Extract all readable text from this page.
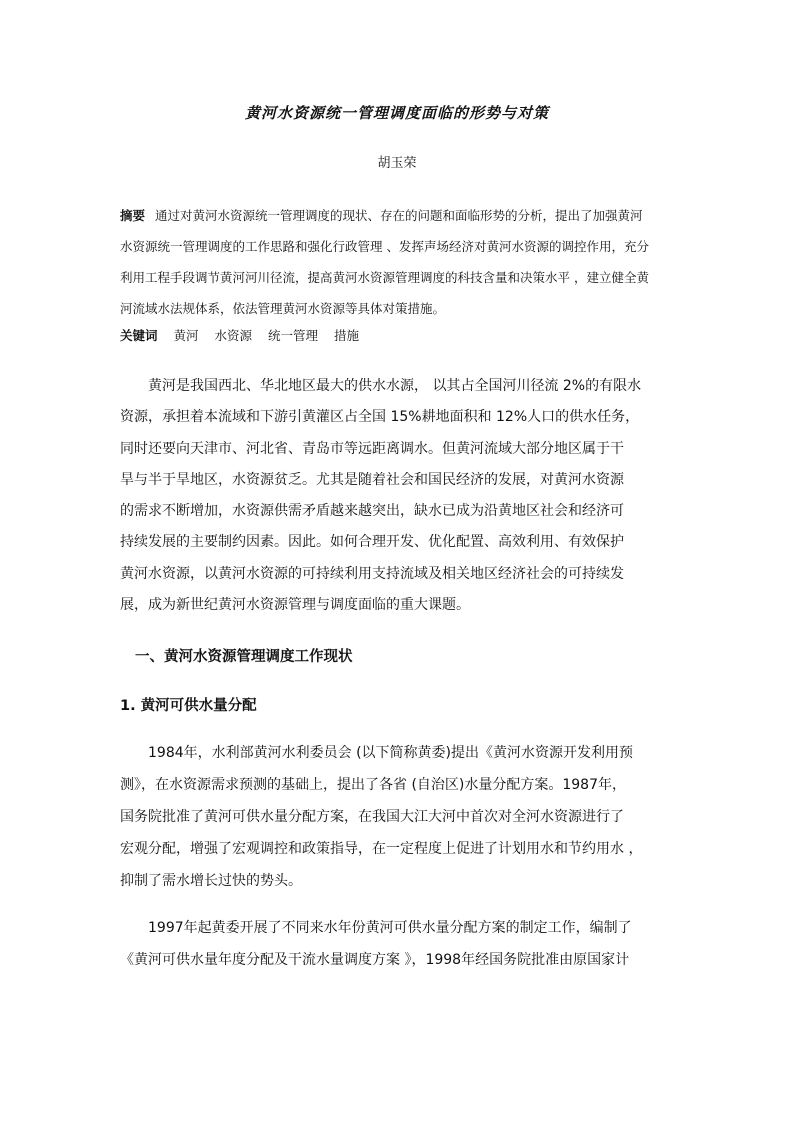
黄河水资源统一管理调度面临的形势与对策
胡玉荣
摘要 通过对黄河水资源统一管理调度的现状、存在的问题和面临形势的分析，提出了加强黄河
水资源统一管理调度的工作思路和强化行政管理 、发挥声场经济对黄河水资源的调控作用，充分
利用工程手段调节黄河河川径流，提高黄河水资源管理调度的科技含量和决策水平 ，建立健全黄
河流域水法规体系，依法管理黄河水资源等具体对策措施。
关键词 黄河 水资源 统一管理 措施
　　黄河是我国西北、华北地区最大的供水水源， 以其占全国河川径流 2%的有限水
资源，承担着本流域和下游引黄灌区占全国 15%耕地面积和 12%人口的供水任务，
同时还要向天津市、河北省、青岛市等远距离调水。但黄河流域大部分地区属于干
旱与半于旱地区，水资源贫乏。尤其是随着社会和国民经济的发展，对黄河水资源
的需求不断增加，水资源供需矛盾越来越突出，缺水已成为沿黄地区社会和经济可
持续发展的主要制约因素。因此。如何合理开发、优化配置、高效利用、有效保护
黄河水资源，以黄河水资源的可持续利用支持流域及相关地区经济社会的可持续发
展，成为新世纪黄河水资源管理与调度面临的重大课题。
一、黄河水资源管理调度工作现状
1. 黄河可供水量分配
　　1984年，水利部黄河水利委员会 (以下简称黄委)提出《黄河水资源开发利用预
测》，在水资源需求预测的基础上，提出了各省 (自治区)水量分配方案。1987年，
国务院批准了黄河可供水量分配方案，在我国大江大河中首次对全河水资源进行了
宏观分配，增强了宏观调控和政策指导，在一定程度上促进了计划用水和节约用水 ，
抑制了需水增长过快的势头。
　　1997年起黄委开展了不同来水年份黄河可供水量分配方案的制定工作，编制了
《黄河可供水量年度分配及干流水量调度方案 》，1998年经国务院批准由原国家计
